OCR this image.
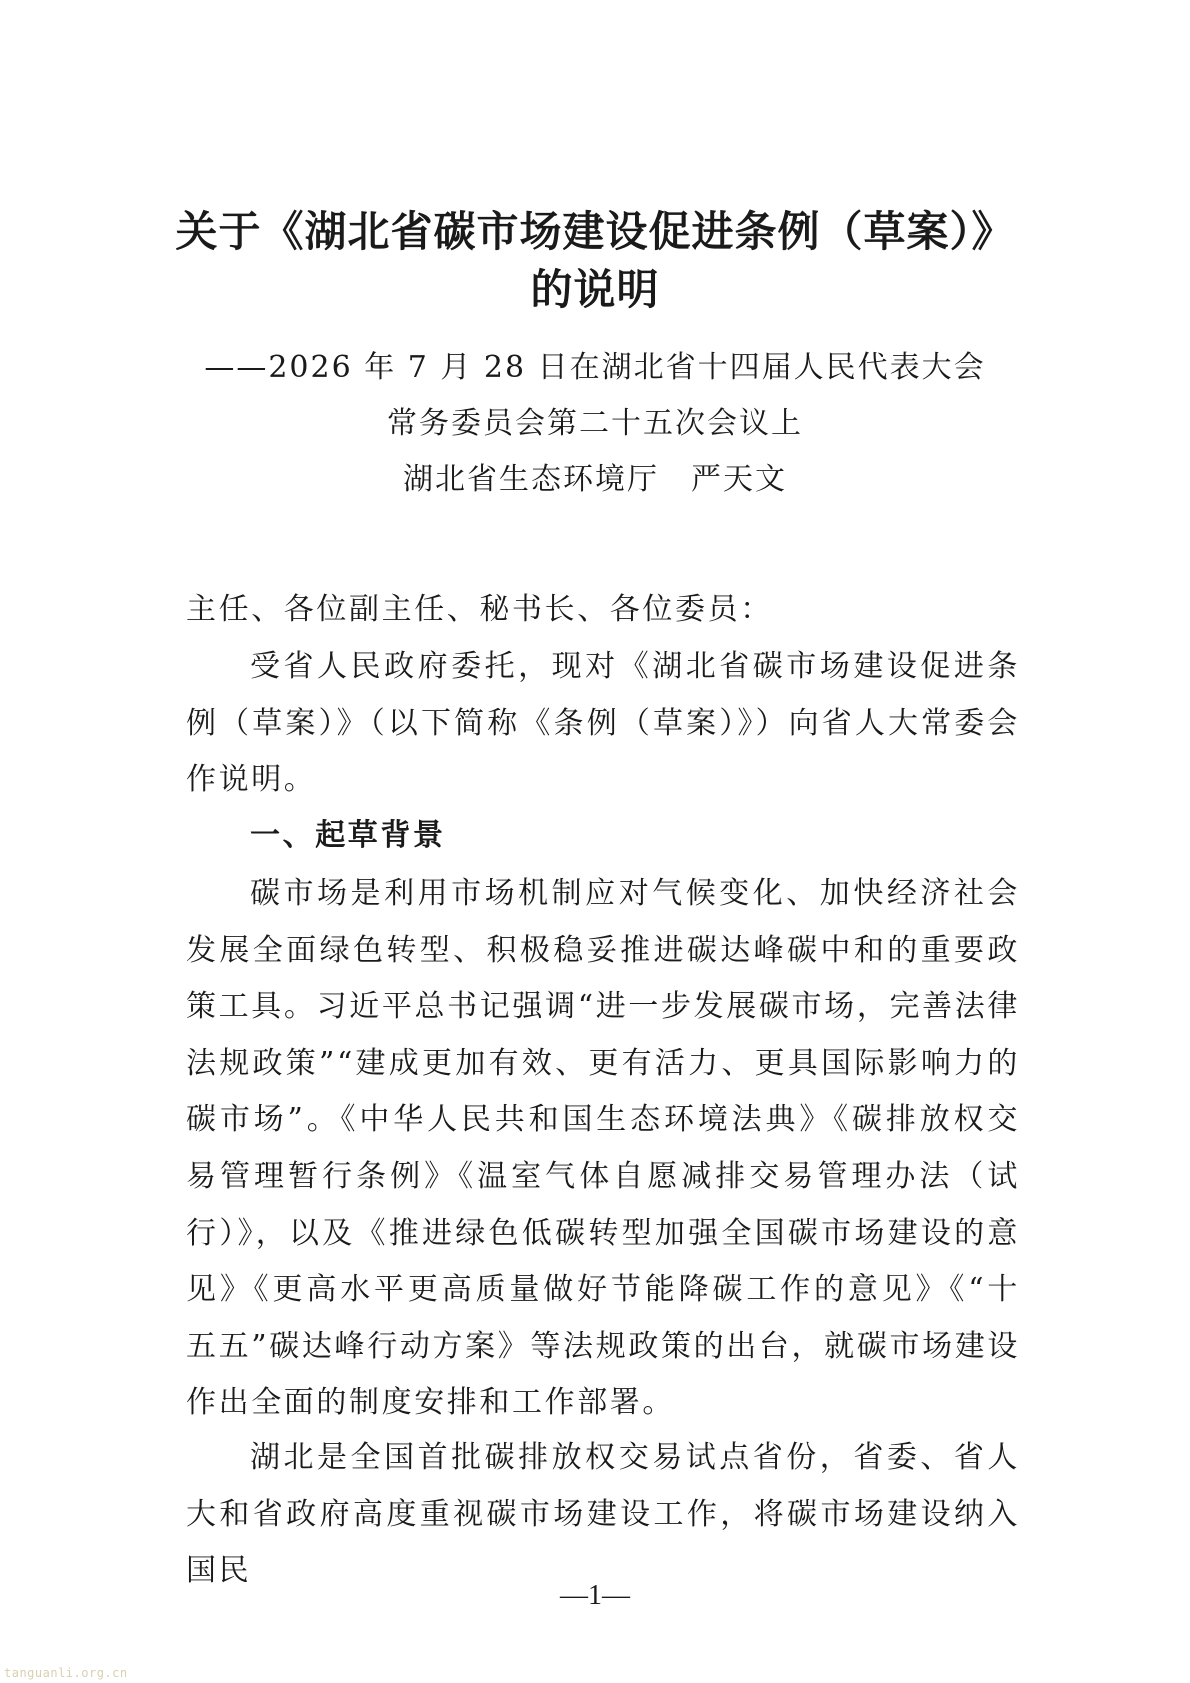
关于《湖北省碳市场建设促进条例（草案）》
的说明
——2026 年 7 月 28 日在湖北省十四届人民代表大会
常务委员会第二十五次会议上
湖北省生态环境厅　严天文

主任、各位副主任、秘书长、各位委员：

受省人民政府委托，现对《湖北省碳市场建设促进条例（草案）》（以下简称《条例（草案）》）向省人大常委会作说明。

一、起草背景

碳市场是利用市场机制应对气候变化、加快经济社会发展全面绿色转型、积极稳妥推进碳达峰碳中和的重要政策工具。习近平总书记强调“进一步发展碳市场，完善法律法规政策”“建成更加有效、更有活力、更具国际影响力的碳市场”。《中华人民共和国生态环境法典》《碳排放权交易管理暂行条例》《温室气体自愿减排交易管理办法（试行）》，以及《推进绿色低碳转型加强全国碳市场建设的意见》《更高水平更高质量做好节能降碳工作的意见》《“十五五”碳达峰行动方案》等法规政策的出台，就碳市场建设作出全面的制度安排和工作部署。

湖北是全国首批碳排放权交易试点省份，省委、省人大和省政府高度重视碳市场建设工作，将碳市场建设纳入国民

—1—
tanguanli.org.cn
